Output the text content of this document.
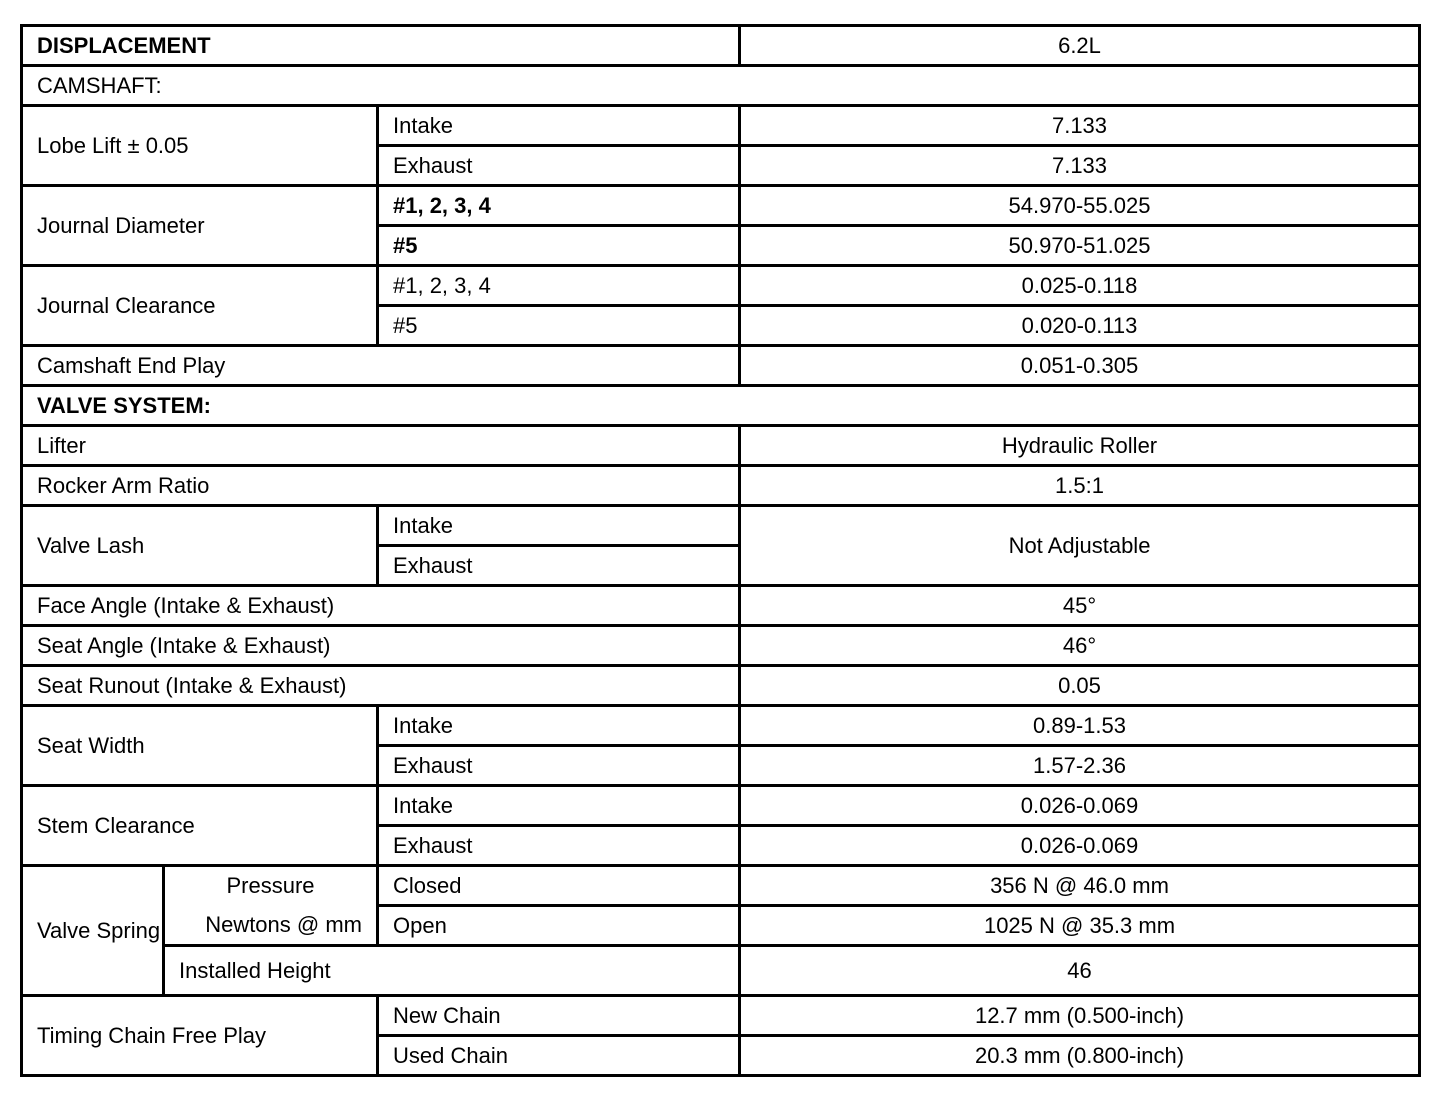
DISPLACEMENT			6.2L
CAMSHAFT:			
Lobe Lift ± 0.05		Intake	7.133
		Exhaust	7.133
Journal Diameter		#1, 2, 3, 4	54.970-55.025
		#5	50.970-51.025
Journal Clearance		#1, 2, 3, 4	0.025-0.118
		#5	0.020-0.113
Camshaft End Play			0.051-0.305
VALVE SYSTEM:			
Lifter			Hydraulic Roller
Rocker Arm Ratio			1.5:1
Valve Lash		Intake	Not Adjustable
		Exhaust	
Face Angle (Intake & Exhaust)			45°
Seat Angle (Intake & Exhaust)			46°
Seat Runout (Intake & Exhaust)			0.05
Seat Width		Intake	0.89-1.53
		Exhaust	1.57-2.36
Stem Clearance		Intake	0.026-0.069
		Exhaust	0.026-0.069
Valve Spring	Pressure	Closed	356 N @ 46.0 mm
	Newtons @ mm	Open	1025 N @ 35.3 mm
	Installed Height		46
Timing Chain Free Play		New Chain	12.7 mm (0.500-inch)
		Used Chain	20.3 mm (0.800-inch)
